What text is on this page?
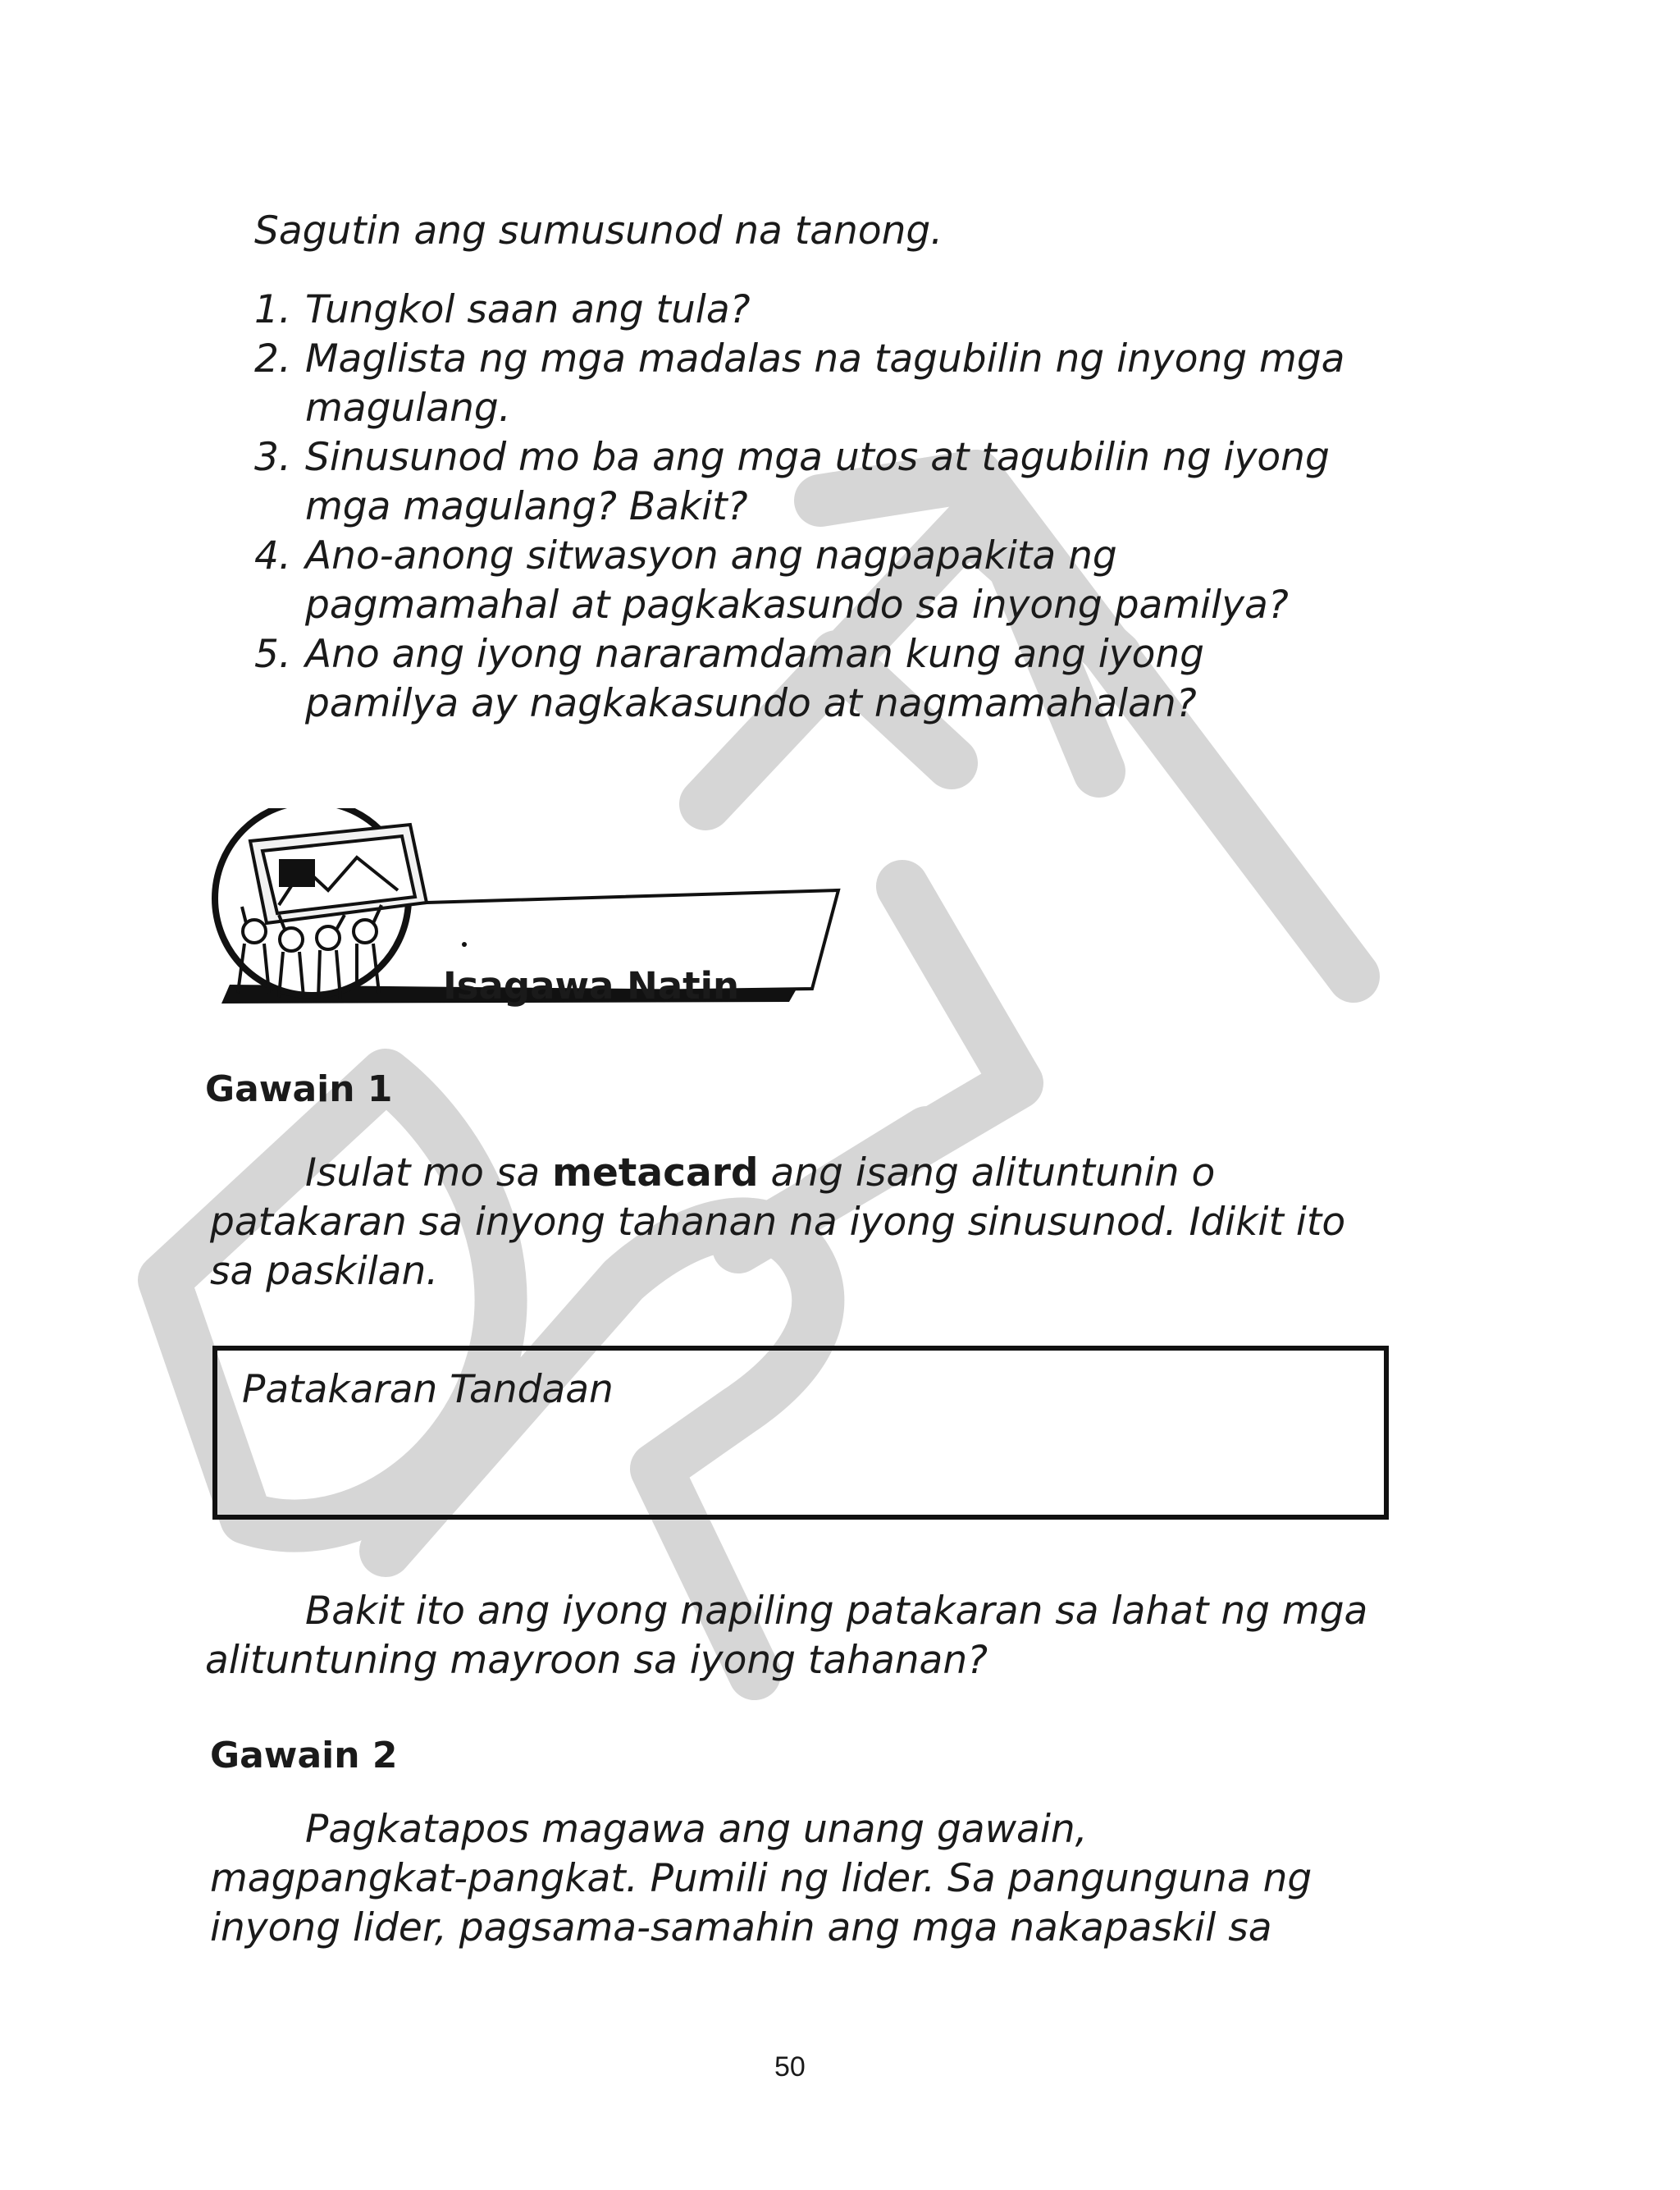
Sagutin ang sumusunod na tanong.

1. Tungkol saan ang tula?

2. Maglista ng mga madalas na tagubilin ng inyong mga

magulang.

3. Sinusunod mo ba ang mga utos at tagubilin ng iyong

mga magulang? Bakit?

4. Ano-anong sitwasyon ang nagpapakita ng

pagmamahal at pagkakasundo sa inyong pamilya?

5. Ano ang iyong nararamdaman kung ang iyong

pamilya ay nagkakasundo at nagmamahalan?

Isagawa Natin

Gawain 1

Isulat mo sa metacard ang isang alituntunin o

patakaran sa inyong tahanan na iyong sinusunod. Idikit ito

sa paskilan.

Patakaran Tandaan

Bakit ito ang iyong napiling patakaran sa lahat ng mga

alituntuning mayroon sa iyong tahanan?

Gawain 2

Pagkatapos magawa ang unang gawain,

magpangkat-pangkat. Pumili ng lider. Sa pangunguna ng

inyong lider, pagsama-samahin ang mga nakapaskil sa

50
